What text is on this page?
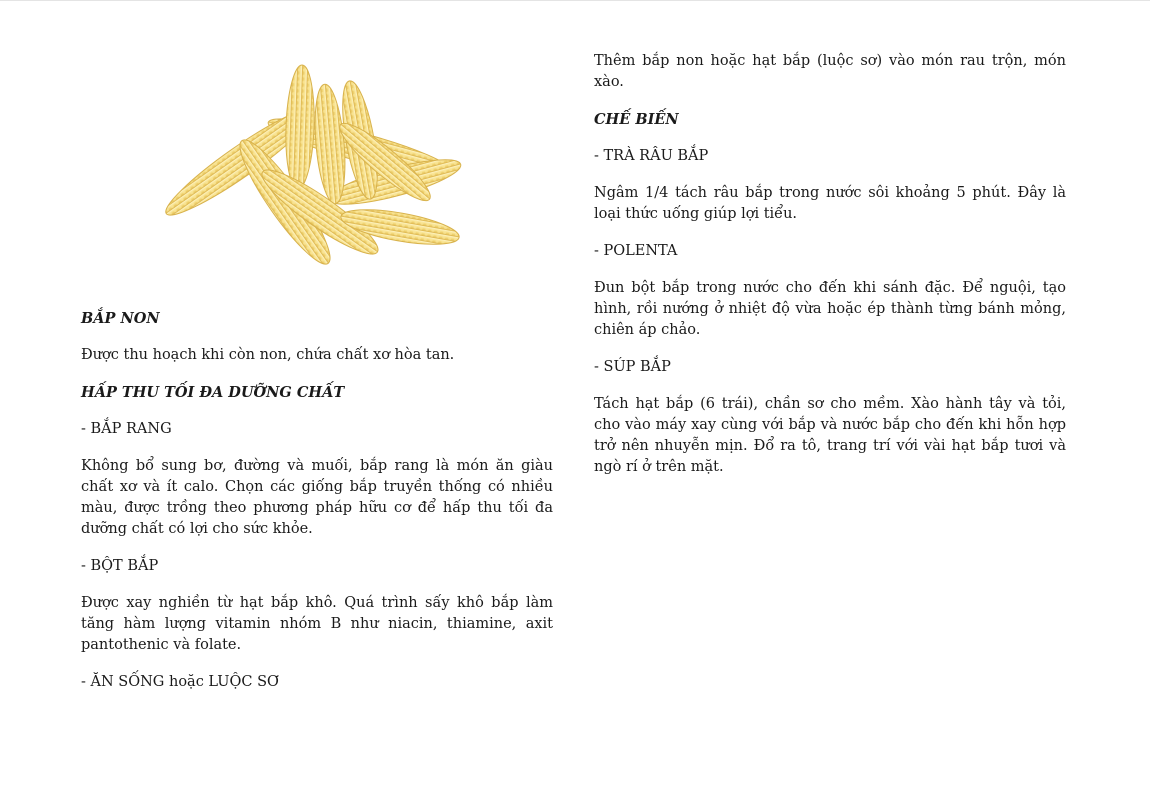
BẮP NON

Được thu hoạch khi còn non, chứa chất xơ hòa tan.

HẤP THU TỐI ĐA DƯỠNG CHẤT

- BẮP RANG

Không bổ sung bơ, đường và muối, bắp rang là món ăn giàu chất xơ và ít calo. Chọn các giống bắp truyền thống có nhiều màu, được trồng theo phương pháp hữu cơ để hấp thu tối đa dưỡng chất có lợi cho sức khỏe.

- BỘT BẮP

Được xay nghiền từ hạt bắp khô. Quá trình sấy khô bắp làm tăng hàm lượng vitamin nhóm B như niacin, thiamine, axit pantothenic và folate.

- ĂN SỐNG hoặc LUỘC SƠ

Thêm bắp non hoặc hạt bắp (luộc sơ) vào món rau trộn, món xào.

CHẾ BIẾN

- TRÀ RÂU BẮP

Ngâm 1/4 tách râu bắp trong nước sôi khoảng 5 phút. Đây là loại thức uống giúp lợi tiểu.

- POLENTA

Đun bột bắp trong nước cho đến khi sánh đặc. Để nguội, tạo hình, rồi nướng ở nhiệt độ vừa hoặc ép thành từng bánh mỏng, chiên áp chảo.

- SÚP BẮP

Tách hạt bắp (6 trái), chần sơ cho mềm. Xào hành tây và tỏi, cho vào máy xay cùng với bắp và nước bắp cho đến khi hỗn hợp trở nên nhuyễn mịn. Đổ ra tô, trang trí với vài hạt bắp tươi và ngò rí ở trên mặt.
